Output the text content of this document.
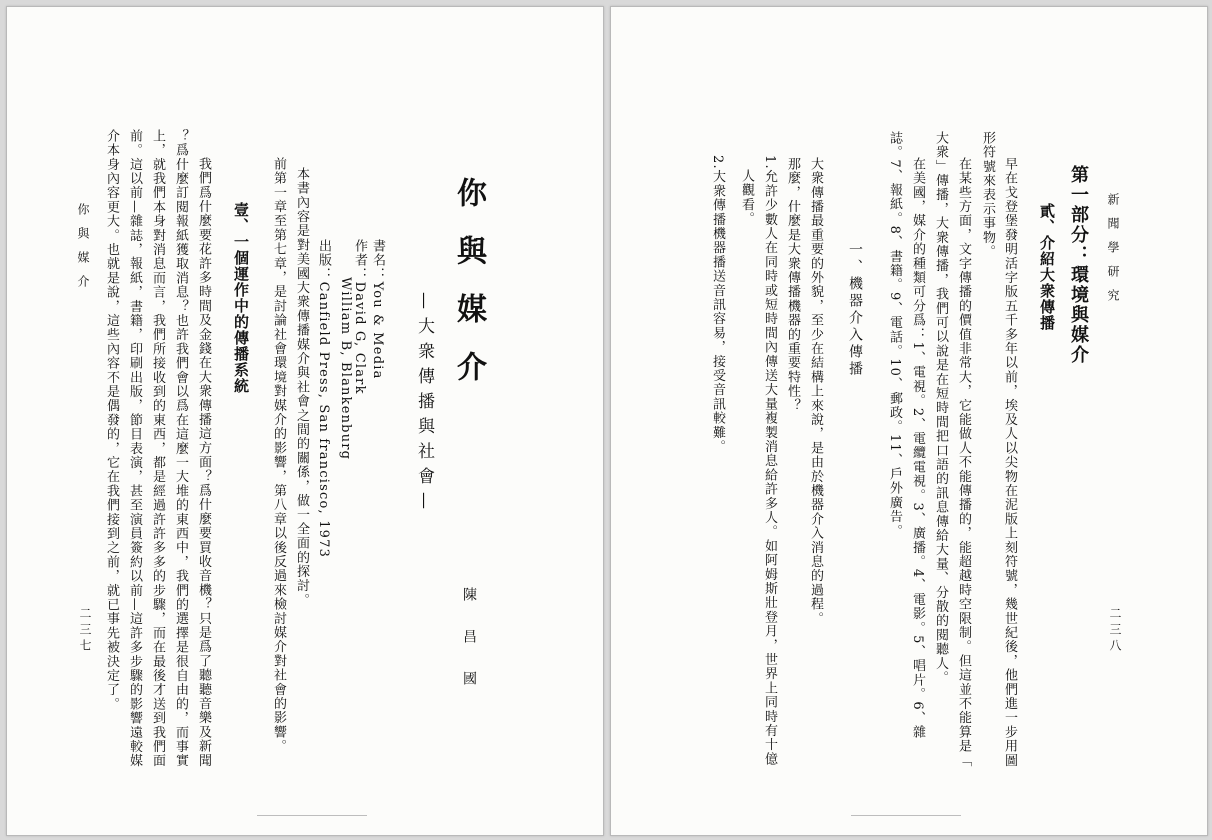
你與媒介
—大衆傳播與社會—
陳昌國
書名：You & Media
作者：David G, Clark
William B, Blankenburg
出版：Canfield Press, San francisco, 1973
本書內容是對美國大衆傳播媒介與社會之間的關係，做一全面的探討。
前第一章至第七章，是討論社會環境對媒介的影響，第八章以後反過來檢討媒介對社會的影響。
壹、一個運作中的傳播系統
我們爲什麼要花許多時間及金錢在大衆傳播這方面？爲什麼要買收音機？只是爲了聽聽音樂及新聞
？爲什麼訂閱報紙獲取消息？也許我們會以爲在這麼一大堆的東西中，我們的選擇是很自由的，而事實
上，就我們本身對消息而言，我們所接收到的東西，都是經過許許多多的步驟，而在最後才送到我們面
前。這以前—雜誌，報紙，書籍，印刷出版，節目表演，甚至演員簽約以前—這許多步驟的影響遠較媒
介本身內容更大。也就是說，這些內容不是偶發的，它在我們接到之前，就已事先被決定了。
你與媒介
二三七
新聞學研究
二三八
第一部分：環境與媒介
貳、介紹大衆傳播
早在戈登堡發明活字版五千多年以前，埃及人以尖物在泥版上刻符號，幾世紀後，他們進一步用圖
形符號來表示事物。
在某些方面，文字傳播的價值非常大，它能做人不能傳播的，能超越時空限制。但這並不能算是「
大衆」傳播，大衆傳播，我們可以說是在短時間把口語的訊息傳給大量、分散的閱聽人。
在美國，媒介的種類可分爲：1、電視。2、電纜電視。3、廣播。4、電影。5、唱片。6、雜
誌。7、報紙。8、書籍。9、電話。10、郵政。11、戶外廣告。
一、機器介入傳播
大衆傳播最重要的外貌，至少在結構上來說，是由於機器介入消息的過程。
那麼，什麼是大衆傳播機器的重要特性？
1.允許少數人在同時或短時間內傳送大量複製消息給許多人。如阿姆斯壯登月，世界上同時有十億
人觀看。
2.大衆傳播機器播送音訊容易，接受音訊較難。
